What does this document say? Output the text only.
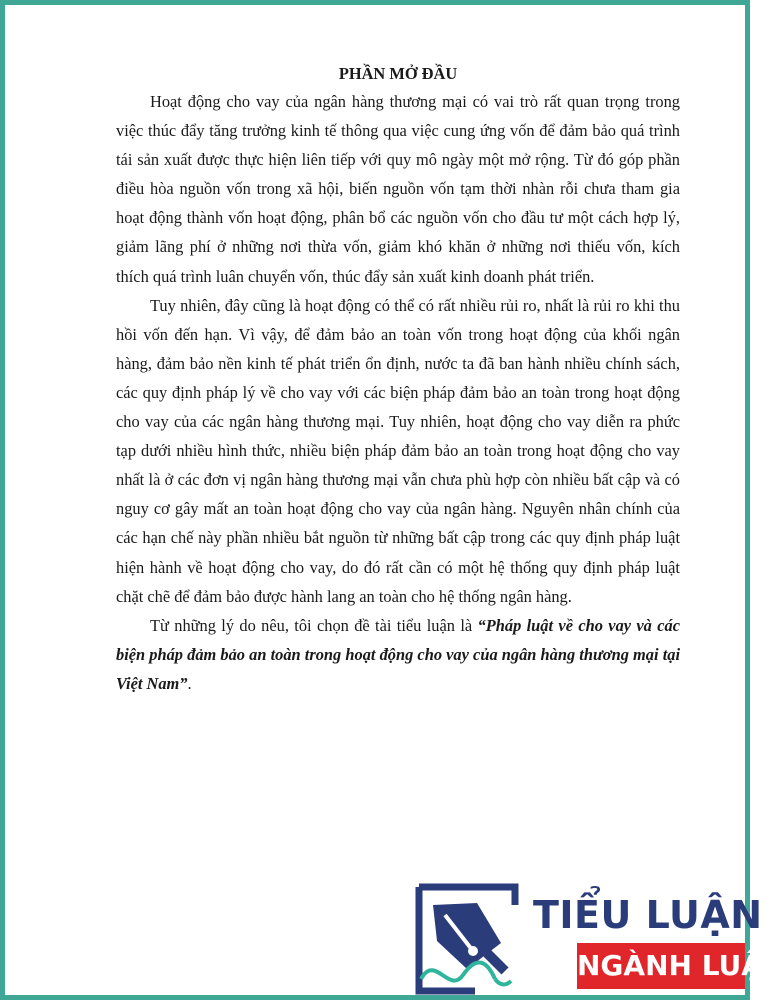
PHẦN MỞ ĐẦU

Hoạt động cho vay của ngân hàng thương mại có vai trò rất quan trọng trong việc thúc đẩy tăng trưởng kinh tế thông qua việc cung ứng vốn để đảm bảo quá trình tái sản xuất được thực hiện liên tiếp với quy mô ngày một mở rộng. Từ đó góp phần điều hòa nguồn vốn trong xã hội, biến nguồn vốn tạm thời nhàn rỗi chưa tham gia hoạt động thành vốn hoạt động, phân bổ các nguồn vốn cho đầu tư một cách hợp lý, giảm lãng phí ở những nơi thừa vốn, giảm khó khăn ở những nơi thiếu vốn, kích thích quá trình luân chuyển vốn, thúc đẩy sản xuất kinh doanh phát triển.

Tuy nhiên, đây cũng là hoạt động có thể có rất nhiều rủi ro, nhất là rủi ro khi thu hồi vốn đến hạn. Vì vậy, để đảm bảo an toàn vốn trong hoạt động của khối ngân hàng, đảm bảo nền kinh tế phát triển ổn định, nước ta đã ban hành nhiều chính sách, các quy định pháp lý về cho vay với các biện pháp đảm bảo an toàn trong hoạt động cho vay của các ngân hàng thương mại. Tuy nhiên, hoạt động cho vay diễn ra phức tạp dưới nhiều hình thức, nhiều biện pháp đảm bảo an toàn trong hoạt động cho vay nhất là ở các đơn vị ngân hàng thương mại vẫn chưa phù hợp còn nhiều bất cập và có nguy cơ gây mất an toàn hoạt động cho vay của ngân hàng. Nguyên nhân chính của các hạn chế này phần nhiều bắt nguồn từ những bất cập trong các quy định pháp luật hiện hành về hoạt động cho vay, do đó rất cần có một hệ thống quy định pháp luật chặt chẽ để đảm bảo được hành lang an toàn cho hệ thống ngân hàng.

Từ những lý do nêu, tôi chọn đề tài tiểu luận là “Pháp luật về cho vay và các biện pháp đảm bảo an toàn trong hoạt động cho vay của ngân hàng thương mại tại Việt Nam”.

TIỂU LUẬN
NGÀNH LUẬT
